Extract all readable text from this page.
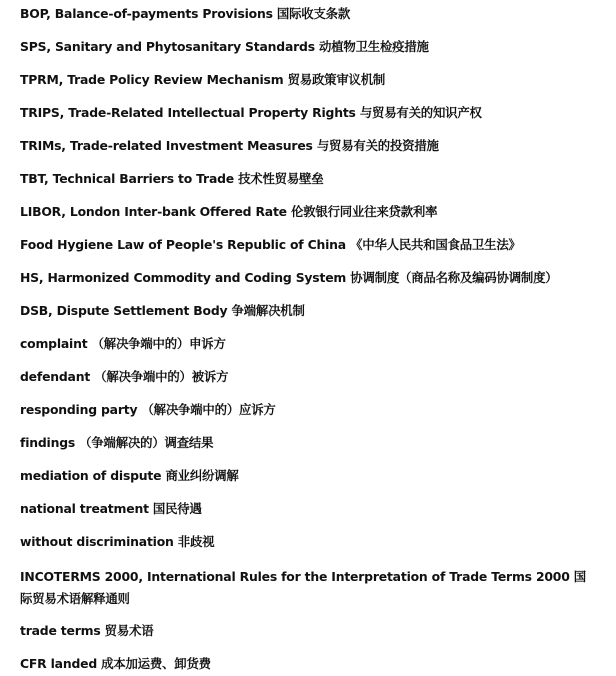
BOP, Balance-of-payments Provisions 国际收支条款
SPS, Sanitary and Phytosanitary Standards 动植物卫生检疫措施
TPRM, Trade Policy Review Mechanism 贸易政策审议机制
TRIPS, Trade-Related Intellectual Property Rights 与贸易有关的知识产权
TRIMs, Trade-related Investment Measures 与贸易有关的投资措施
TBT, Technical Barriers to Trade 技术性贸易壁垒
LIBOR, London Inter-bank Offered Rate 伦敦银行同业往来贷款利率
Food Hygiene Law of People's Republic of China 《中华人民共和国食品卫生法》
HS, Harmonized Commodity and Coding System 协调制度（商品名称及编码协调制度）
DSB, Dispute Settlement Body 争端解决机制
complaint （解决争端中的）申诉方
defendant （解决争端中的）被诉方
responding party （解决争端中的）应诉方
findings （争端解决的）调查结果
mediation of dispute 商业纠纷调解
national treatment 国民待遇
without discrimination 非歧视
INCOTERMS 2000, International Rules for the Interpretation of Trade Terms 2000 国际贸易术语解释通则
trade terms 贸易术语
CFR landed 成本加运费、卸货费
